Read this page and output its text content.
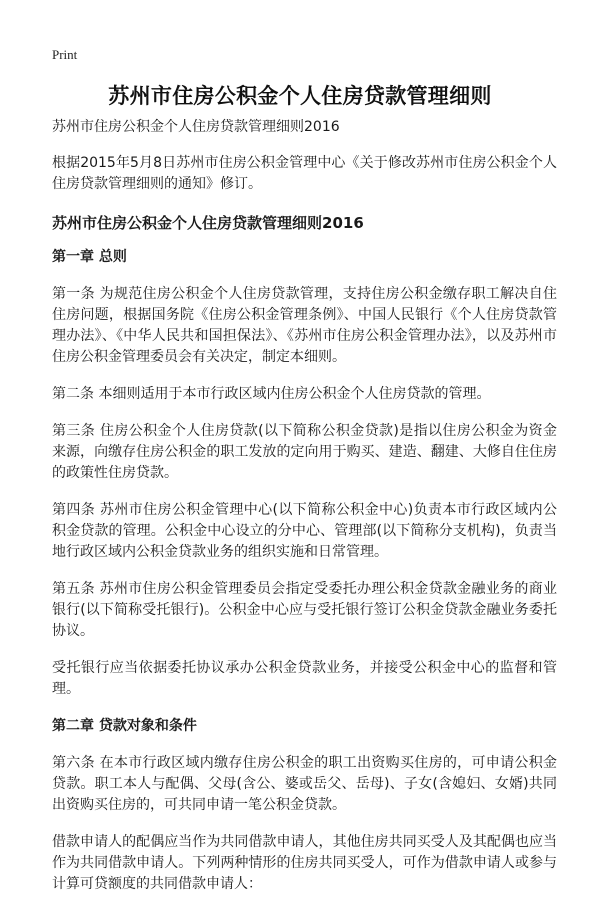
Print
苏州市住房公积金个人住房贷款管理细则

苏州市住房公积金个人住房贷款管理细则2016

根据2015年5月8日苏州市住房公积金管理中心《关于修改苏州市住房公积金个人住房贷款管理细则的通知》修订。

苏州市住房公积金个人住房贷款管理细则2016
第一章 总则

第一条 为规范住房公积金个人住房贷款管理，支持住房公积金缴存职工解决自住住房问题，根据国务院《住房公积金管理条例》、中国人民银行《个人住房贷款管理办法》、《中华人民共和国担保法》、《苏州市住房公积金管理办法》，以及苏州市住房公积金管理委员会有关决定，制定本细则。

第二条 本细则适用于本市行政区域内住房公积金个人住房贷款的管理。

第三条 住房公积金个人住房贷款(以下简称公积金贷款)是指以住房公积金为资金来源，向缴存住房公积金的职工发放的定向用于购买、建造、翻建、大修自住住房的政策性住房贷款。

第四条 苏州市住房公积金管理中心(以下简称公积金中心)负责本市行政区域内公积金贷款的管理。公积金中心设立的分中心、管理部(以下简称分支机构)，负责当地行政区域内公积金贷款业务的组织实施和日常管理。

第五条 苏州市住房公积金管理委员会指定受委托办理公积金贷款金融业务的商业银行(以下简称受托银行)。公积金中心应与受托银行签订公积金贷款金融业务委托协议。

受托银行应当依据委托协议承办公积金贷款业务，并接受公积金中心的监督和管理。

第二章 贷款对象和条件

第六条 在本市行政区域内缴存住房公积金的职工出资购买住房的，可申请公积金贷款。职工本人与配偶、父母(含公、婆或岳父、岳母)、子女(含媳妇、女婿)共同出资购买住房的，可共同申请一笔公积金贷款。

借款申请人的配偶应当作为共同借款申请人，其他住房共同买受人及其配偶也应当作为共同借款申请人。下列两种情形的住房共同买受人，可作为借款申请人或参与计算可贷额度的共同借款申请人：
